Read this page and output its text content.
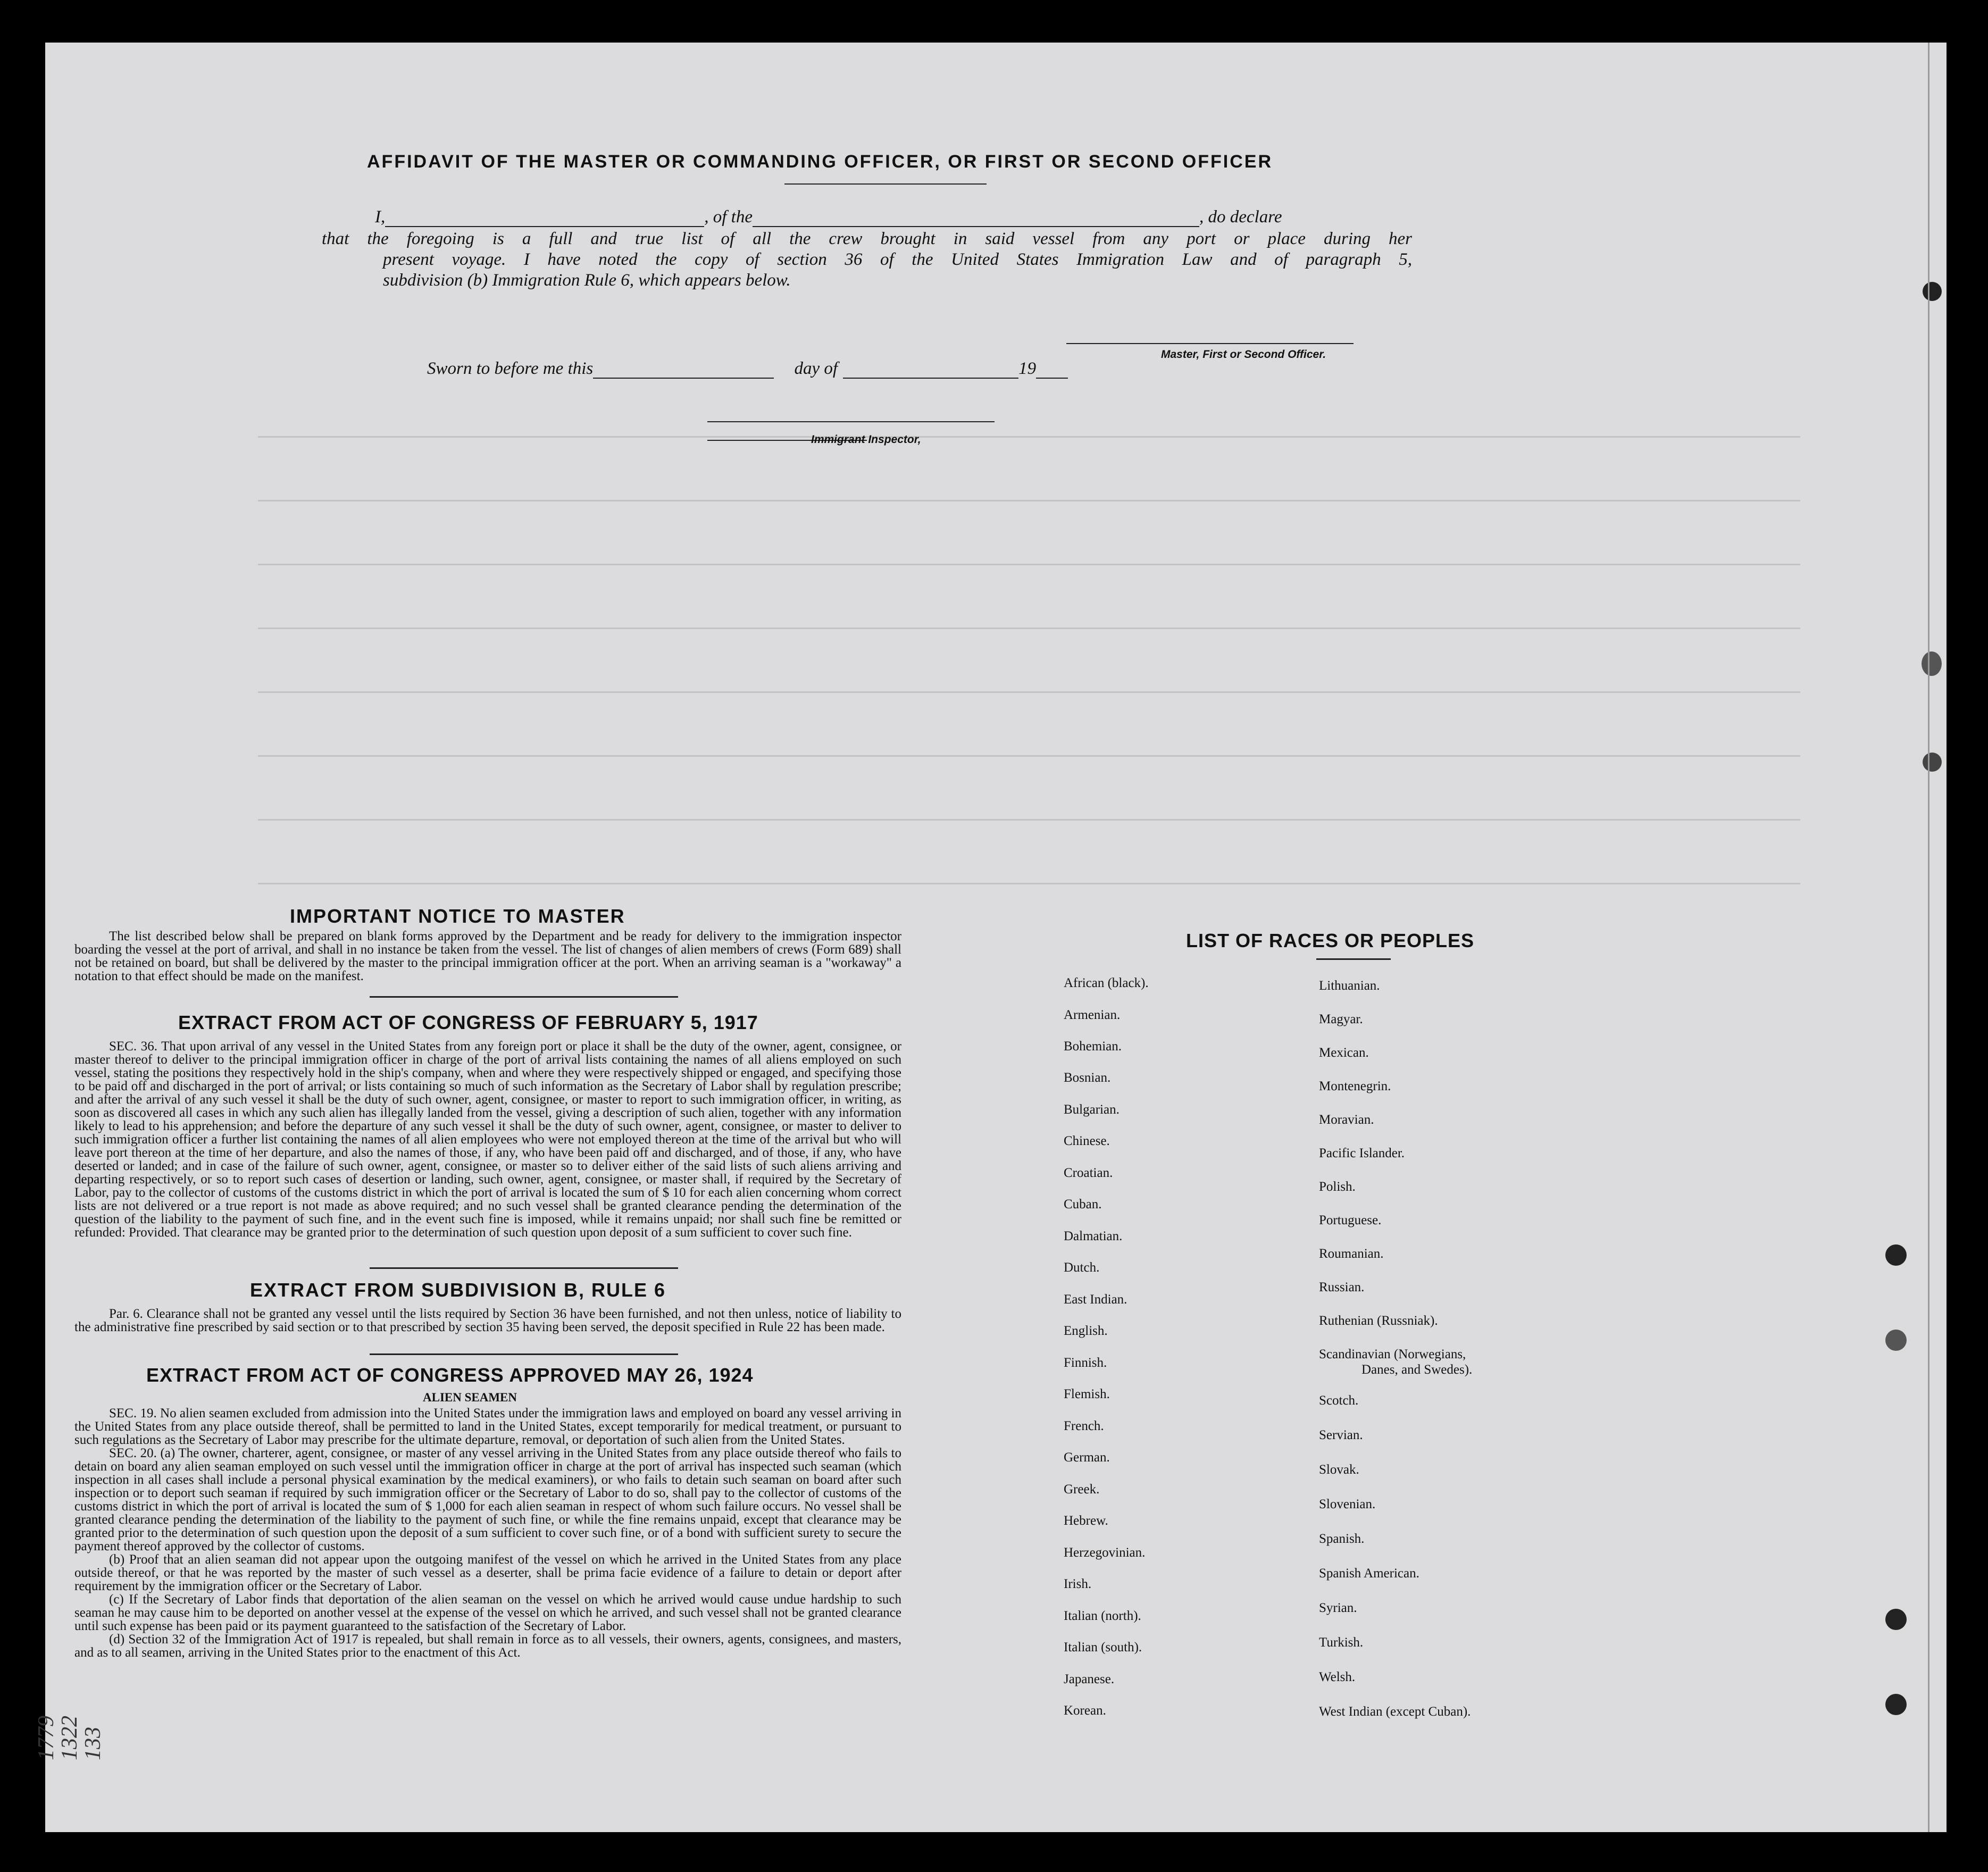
AFFIDAVIT OF THE MASTER OR COMMANDING OFFICER, OR FIRST OR SECOND OFFICER
I,	, of the	, do declare
that the foregoing is a full and true list of all the crew brought in said vessel from any port or place during her
present voyage. I have noted the copy of section 36 of the United States Immigration Law and of paragraph 5,
subdivision (b) Immigration Rule 6, which appears below.
Master, First or Second Officer.
Sworn to before me this	day of	19
Immigrant Inspector,
IMPORTANT NOTICE TO MASTER
The list described below shall be prepared on blank forms approved by the Department and be ready for delivery to the immigration inspector boarding the vessel at the port of arrival, and shall in no instance be taken from the vessel. The list of changes of alien members of crews (Form 689) shall not be retained on board, but shall be delivered by the master to the principal immigration officer at the port. When an arriving seaman is a "workaway" a notation to that effect should be made on the manifest.
EXTRACT FROM ACT OF CONGRESS OF FEBRUARY 5, 1917
SEC. 36. That upon arrival of any vessel in the United States from any foreign port or place it shall be the duty of the owner, agent, consignee, or master thereof to deliver to the principal immigration officer in charge of the port of arrival lists containing the names of all aliens employed on such vessel, stating the positions they respectively hold in the ship's company, when and where they were respectively shipped or engaged, and specifying those to be paid off and discharged in the port of arrival; or lists containing so much of such information as the Secretary of Labor shall by regulation prescribe; and after the arrival of any such vessel it shall be the duty of such owner, agent, consignee, or master to report to such immigration officer, in writing, as soon as discovered all cases in which any such alien has illegally landed from the vessel, giving a description of such alien, together with any information likely to lead to his apprehension; and before the departure of any such vessel it shall be the duty of such owner, agent, consignee, or master to deliver to such immigration officer a further list containing the names of all alien employees who were not employed thereon at the time of the arrival but who will leave port thereon at the time of her departure, and also the names of those, if any, who have been paid off and discharged, and of those, if any, who have deserted or landed; and in case of the failure of such owner, agent, consignee, or master so to deliver either of the said lists of such aliens arriving and departing respectively, or so to report such cases of desertion or landing, such owner, agent, consignee, or master shall, if required by the Secretary of Labor, pay to the collector of customs of the customs district in which the port of arrival is located the sum of $ 10 for each alien concerning whom correct lists are not delivered or a true report is not made as above required; and no such vessel shall be granted clearance pending the determination of the question of the liability to the payment of such fine, and in the event such fine is imposed, while it remains unpaid; nor shall such fine be remitted or refunded: Provided. That clearance may be granted prior to the determination of such question upon deposit of a sum sufficient to cover such fine.
EXTRACT FROM SUBDIVISION B, RULE 6
Par. 6. Clearance shall not be granted any vessel until the lists required by Section 36 have been furnished, and not then unless, notice of liability to the administrative fine prescribed by said section or to that prescribed by section 35 having been served, the deposit specified in Rule 22 has been made.
EXTRACT FROM ACT OF CONGRESS APPROVED MAY 26, 1924
ALIEN SEAMEN
SEC. 19. No alien seamen excluded from admission into the United States under the immigration laws and employed on board any vessel arriving in the United States from any place outside thereof, shall be permitted to land in the United States, except temporarily for medical treatment, or pursuant to such regulations as the Secretary of Labor may prescribe for the ultimate departure, removal, or deportation of such alien from the United States.
SEC. 20. (a) The owner, charterer, agent, consignee, or master of any vessel arriving in the United States from any place outside thereof who fails to detain on board any alien seaman employed on such vessel until the immigration officer in charge at the port of arrival has inspected such seaman (which inspection in all cases shall include a personal physical examination by the medical examiners), or who fails to detain such seaman on board after such inspection or to deport such seaman if required by such immigration officer or the Secretary of Labor to do so, shall pay to the collector of customs of the customs district in which the port of arrival is located the sum of $ 1,000 for each alien seaman in respect of whom such failure occurs. No vessel shall be granted clearance pending the determination of the liability to the payment of such fine, or while the fine remains unpaid, except that clearance may be granted prior to the determination of such question upon the deposit of a sum sufficient to cover such fine, or of a bond with sufficient surety to secure the payment thereof approved by the collector of customs.
(b) Proof that an alien seaman did not appear upon the outgoing manifest of the vessel on which he arrived in the United States from any place outside thereof, or that he was reported by the master of such vessel as a deserter, shall be prima facie evidence of a failure to detain or deport after requirement by the immigration officer or the Secretary of Labor.
(c) If the Secretary of Labor finds that deportation of the alien seaman on the vessel on which he arrived would cause undue hardship to such seaman he may cause him to be deported on another vessel at the expense of the vessel on which he arrived, and such vessel shall not be granted clearance until such expense has been paid or its payment guaranteed to the satisfaction of the Secretary of Labor.
(d) Section 32 of the Immigration Act of 1917 is repealed, but shall remain in force as to all vessels, their owners, agents, consignees, and masters, and as to all seamen, arriving in the United States prior to the enactment of this Act.
LIST OF RACES OR PEOPLES
African (black).
Armenian.
Bohemian.
Bosnian.
Bulgarian.
Chinese.
Croatian.
Cuban.
Dalmatian.
Dutch.
East Indian.
English.
Finnish.
Flemish.
French.
German.
Greek.
Hebrew.
Herzegovinian.
Irish.
Italian (north).
Italian (south).
Japanese.
Korean.
Lithuanian.
Magyar.
Mexican.
Montenegrin.
Moravian.
Pacific Islander.
Polish.
Portuguese.
Roumanian.
Russian.
Ruthenian (Russniak).
Scandinavian (Norwegians,
Danes, and Swedes).
Scotch.
Servian.
Slovak.
Slovenian.
Spanish.
Spanish American.
Syrian.
Turkish.
Welsh.
West Indian (except Cuban).
1779
1322
133
